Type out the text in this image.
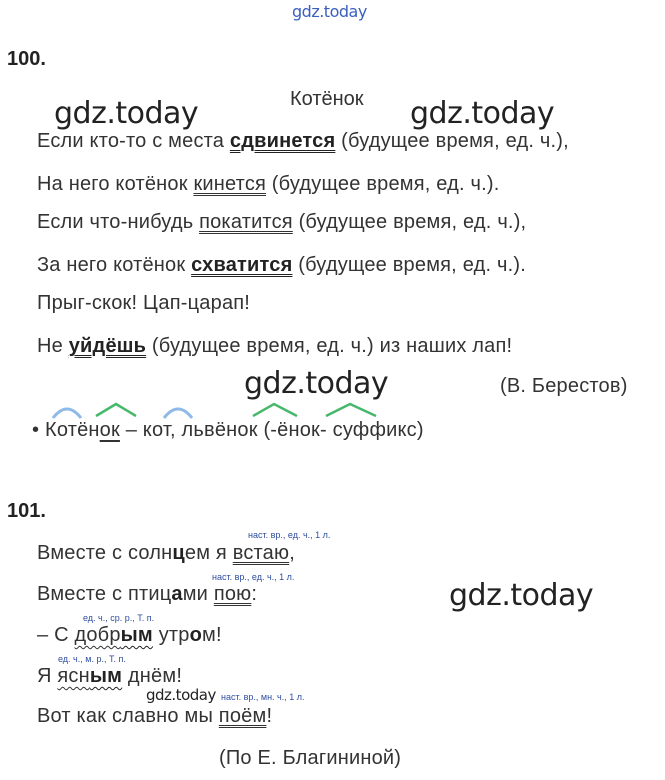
gdz.today
100.
Котёнок
gdz.today	gdz.today
Если кто-то с места сдвинется (будущее время, ед. ч.),
На него котёнок кинется (будущее время, ед. ч.).
Если что-нибудь покатится (будущее время, ед. ч.),
За него котёнок схватится (будущее время, ед. ч.).
Прыг-скок! Цап-царап!
Не уйдёшь (будущее время, ед. ч.) из наших лап!
gdz.today	(В. Берестов)
• Котёнок – кот, львёнок (-ёнок- суффикс)
101.
наст. вр., ед. ч., 1 л.
Вместе с солнцем я встаю,
наст. вр., ед. ч., 1 л.
Вместе с птицами пою:	gdz.today
ед. ч., ср. р., Т. п.
– С добрым утром!
ед. ч., м. р., Т. п.
Я ясным днём!
gdz.today наст. вр., мн. ч., 1 л.
Вот как славно мы поём!
(По Е. Благининой)
